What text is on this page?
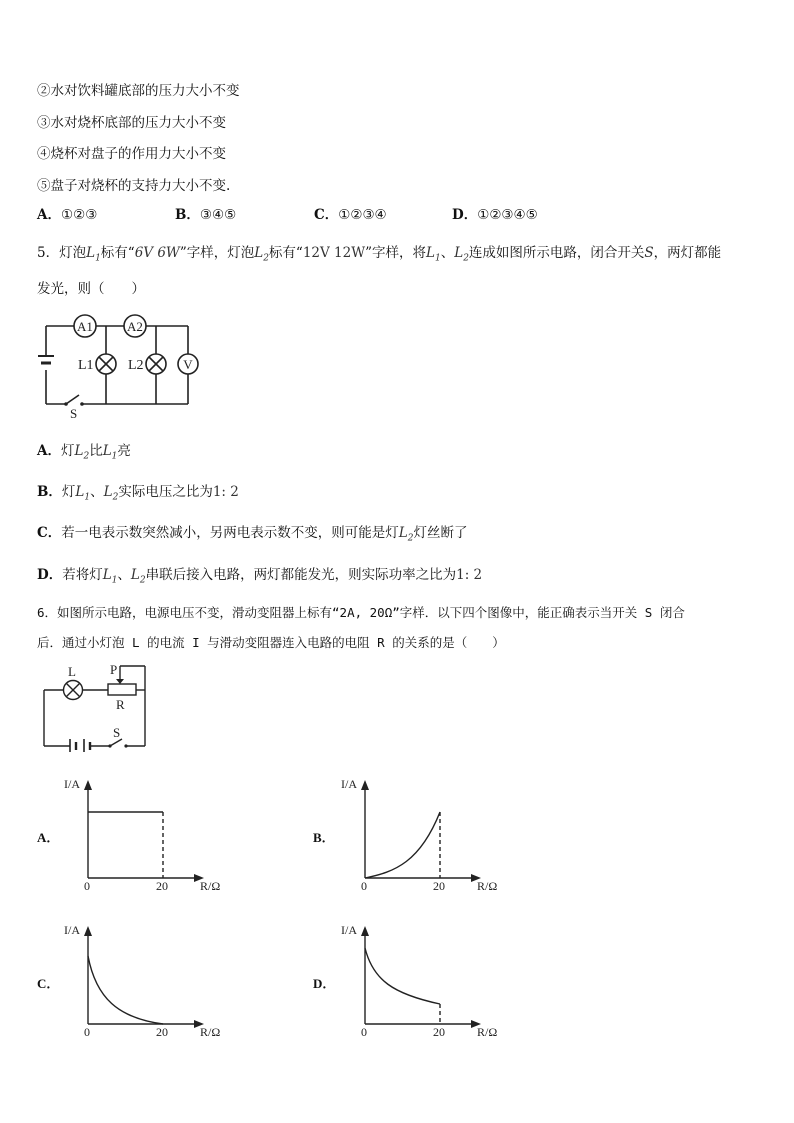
②水对饮料罐底部的压力大小不变
③水对烧杯底部的压力大小不变
④烧杯对盘子的作用力大小不变
⑤盘子对烧杯的支持力大小不变.
A．①②③	B．③④⑤	C．①②③④	D．①②③④⑤
5．灯泡$L_1$标有“6V 6W”字样，灯泡$L_2$标有“12V 12W”字样，将$L_1$、$L_2$连成如图所示电路，闭合开关S，两灯都能
发光，则（　　）
A1	A2
L1 L2	V
S
A．灯$L_2$比$L_1$亮
B．灯$L_1$、$L_2$实际电压之比为1: 2
C．若一电表示数突然减小，另两电表示数不变，则可能是灯$L_2$灯丝断了
D．若将灯$L_1$、$L_2$串联后接入电路，两灯都能发光，则实际功率之比为1: 2
6．如图所示电路，电源电压不变，滑动变阻器上标有“2A, 20Ω”字样．以下四个图像中，能正确表示当开关 S 闭合
后．通过小灯泡 L 的电流 I 与滑动变阻器连入电路的电阻 R 的关系的是（　　）
L	P
R
S
A．
I/A
0	20	R/Ω
B．
I/A
0	20	R/Ω
C．
I/A
0	20	R/Ω
D．
I/A
0	20	R/Ω
